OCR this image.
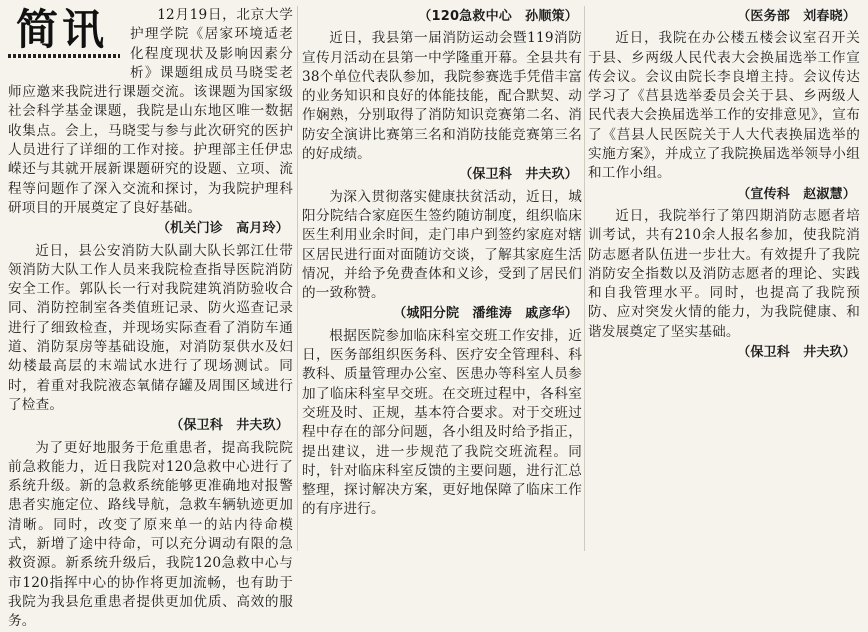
简讯	12月19日，北京大学护理学院《居家环境适老化程度现状及影响因素分析》课题组成员马晓雯老师应邀来我院进行课题交流。该课题为国家级社会科学基金课题，我院是山东地区唯一数据收集点。会上，马晓雯与参与此次研究的医护人员进行了详细的工作对接。护理部主任伊忠嵘还与其就开展新课题研究的设题、立项、流程等问题作了深入交流和探讨，为我院护理科研项目的开展奠定了良好基础。

（机关门诊　高月玲）

近日，县公安消防大队副大队长郭江仕带领消防大队工作人员来我院检查指导医院消防安全工作。郭队长一行对我院建筑消防验收合同、消防控制室各类值班记录、防火巡查记录进行了细致检查，并现场实际查看了消防车通道、消防泵房等基础设施，对消防泵供水及妇幼楼最高层的末端试水进行了现场测试。同时，着重对我院液态氧储存罐及周围区域进行了检查。

（保卫科　井夫玖）

为了更好地服务于危重患者，提高我院院前急救能力，近日我院对120急救中心进行了系统升级。新的急救系统能够更准确地对报警患者实施定位、路线导航，急救车辆轨迹更加清晰。同时，改变了原来单一的站内待命模式，新增了途中待命，可以充分调动有限的急救资源。新系统升级后，我院120急救中心与市120指挥中心的协作将更加流畅，也有助于我院为我县危重患者提供更加优质、高效的服务。

（120急救中心　孙顺策）

近日，我县第一届消防运动会暨119消防宣传月活动在县第一中学隆重开幕。全县共有38个单位代表队参加，我院参赛选手凭借丰富的业务知识和良好的体能技能，配合默契、动作娴熟，分别取得了消防知识竞赛第二名、消防安全演讲比赛第三名和消防技能竞赛第三名的好成绩。

（保卫科　井夫玖）

为深入贯彻落实健康扶贫活动，近日，城阳分院结合家庭医生签约随访制度，组织临床医生利用业余时间，走门串户到签约家庭对辖区居民进行面对面随访交谈，了解其家庭生活情况，并给予免费查体和义诊，受到了居民们的一致称赞。

（城阳分院　潘维涛　戚彦华）

根据医院参加临床科室交班工作安排，近日，医务部组织医务科、医疗安全管理科、科教科、质量管理办公室、医患办等科室人员参加了临床科室早交班。在交班过程中，各科室交班及时、正规，基本符合要求。对于交班过程中存在的部分问题，各小组及时给予指正，提出建议，进一步规范了我院交班流程。同时，针对临床科室反馈的主要问题，进行汇总整理，探讨解决方案，更好地保障了临床工作的有序进行。

（医务部　刘春晓）

近日，我院在办公楼五楼会议室召开关于县、乡两级人民代表大会换届选举工作宣传会议。会议由院长李良增主持。会议传达学习了《莒县选举委员会关于县、乡两级人民代表大会换届选举工作的安排意见》，宣布了《莒县人民医院关于人大代表换届选举的实施方案》，并成立了我院换届选举领导小组和工作小组。

（宣传科　赵淑慧）

近日，我院举行了第四期消防志愿者培训考试，共有210余人报名参加，使我院消防志愿者队伍进一步壮大。有效提升了我院消防安全指数以及消防志愿者的理论、实践和自我管理水平。同时，也提高了我院预防、应对突发火情的能力，为我院健康、和谐发展奠定了坚实基础。

（保卫科　井夫玖）
